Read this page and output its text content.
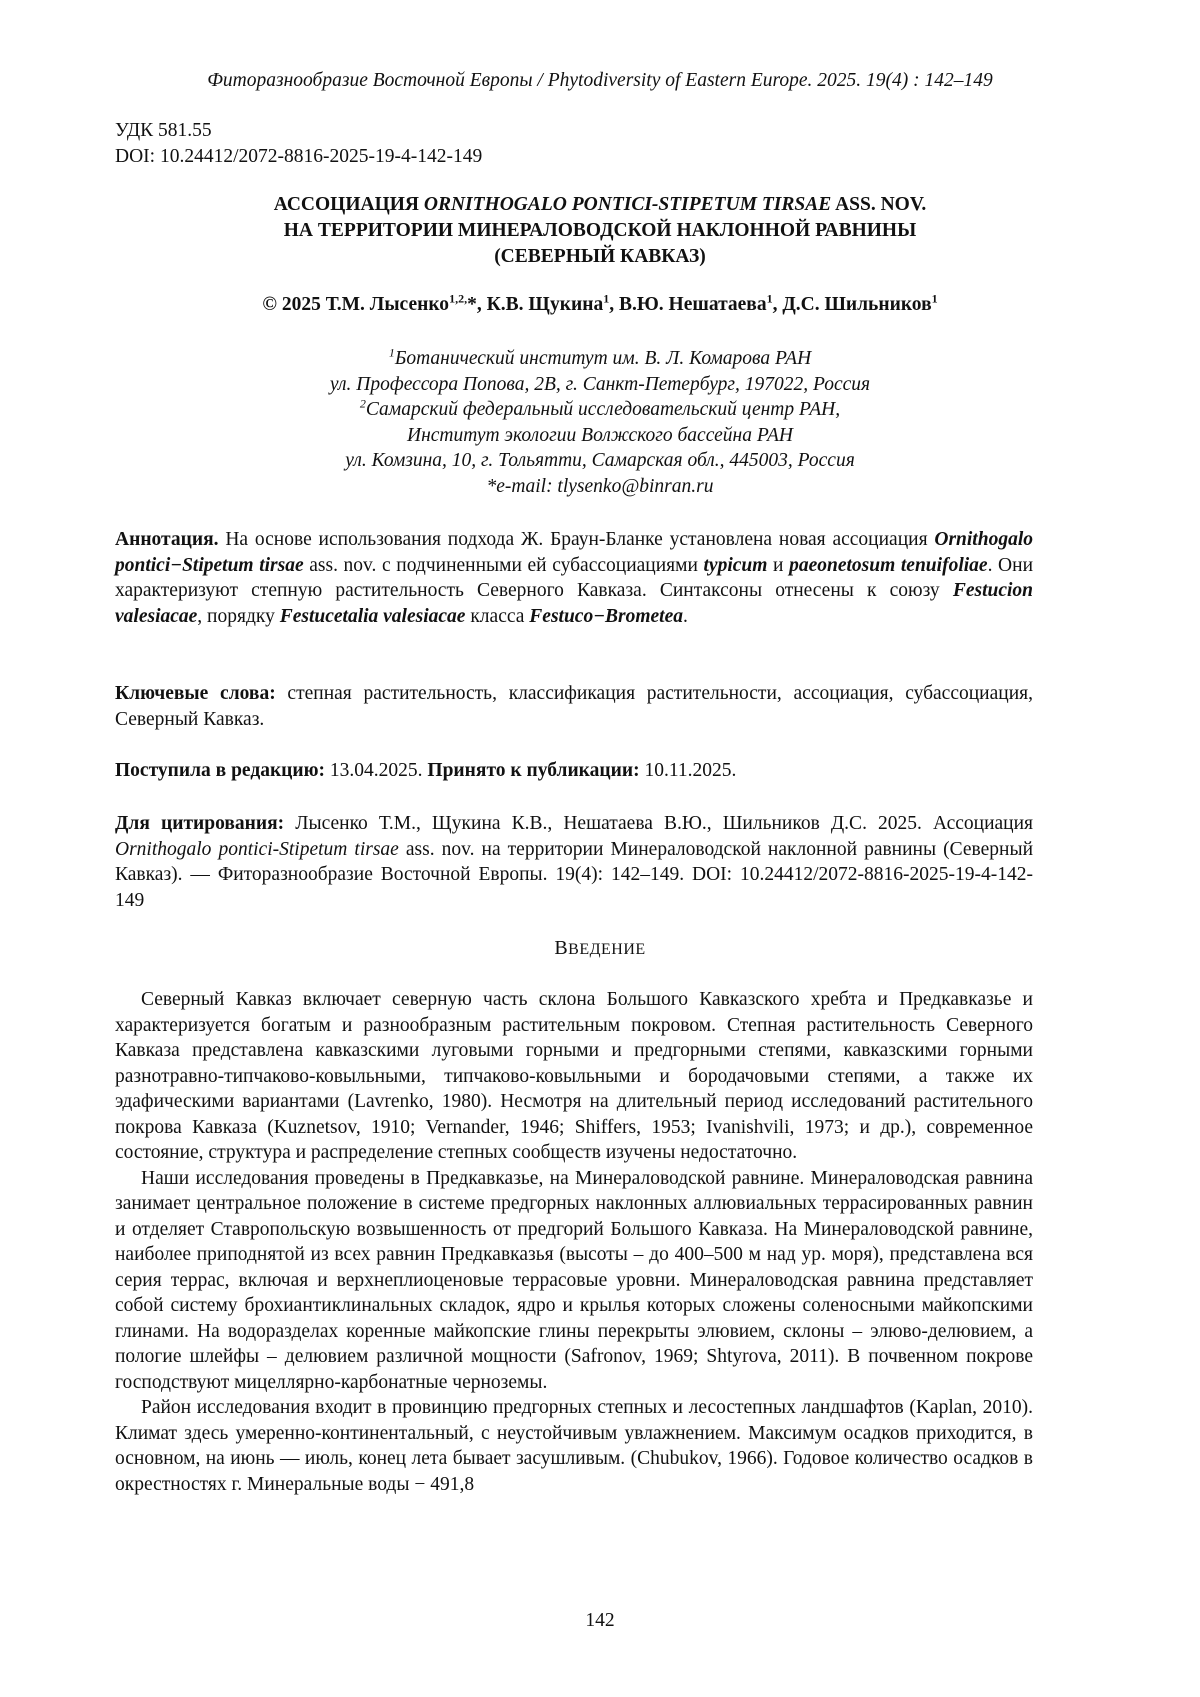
Фиторазнообразие Восточной Европы / Phytodiversity of Eastern Europe. 2025. 19(4) : 142–149
УДК 581.55
DOI: 10.24412/2072-8816-2025-19-4-142-149
АССОЦИАЦИЯ ORNITHOGALO PONTICI-STIPETUM TIRSAE ASS. NOV.
НА ТЕРРИТОРИИ МИНЕРАЛОВОДСКОЙ НАКЛОННОЙ РАВНИНЫ
(СЕВЕРНЫЙ КАВКАЗ)
© 2025 Т.М. Лысенко1,2,*, К.В. Щукина1, В.Ю. Нешатаева1, Д.С. Шильников1
1Ботанический институт им. В. Л. Комарова РАН
ул. Профессора Попова, 2В, г. Санкт-Петербург, 197022, Россия
2Самарский федеральный исследовательский центр РАН,
Институт экологии Волжского бассейна РАН
ул. Комзина, 10, г. Тольятти, Самарская обл., 445003, Россия
*e-mail: tlysenko@binran.ru
Аннотация. На основе использования подхода Ж. Браун-Бланке установлена новая ассоциация Ornithogalo pontici−Stipetum tirsae ass. nov. с подчиненными ей субассоциациями typicum и paeonetosum tenuifoliae. Они характеризуют степную растительность Северного Кавказа. Синтаксоны отнесены к союзу Festucion valesiacae, порядку Festucetalia valesiacae класса Festuco−Brometea.
Ключевые слова: степная растительность, классификация растительности, ассоциация, субассоциация, Северный Кавказ.
Поступила в редакцию: 13.04.2025. Принято к публикации: 10.11.2025.
Для цитирования: Лысенко Т.М., Щукина К.В., Нешатаева В.Ю., Шильников Д.С. 2025. Ассоциация Ornithogalo pontici-Stipetum tirsae ass. nov. на территории Минераловодской наклонной равнины (Северный Кавказ). — Фиторазнообразие Восточной Европы. 19(4): 142–149. DOI: 10.24412/2072-8816-2025-19-4-142-149
ВВЕДЕНИЕ

Северный Кавказ включает северную часть склона Большого Кавказского хребта и Предкавказье и характеризуется богатым и разнообразным растительным покровом. Степная растительность Северного Кавказа представлена кавказскими луговыми горными и предгорными степями, кавказскими горными разнотравно-типчаково-ковыльными, типчаково-ковыльными и бородачовыми степями, а также их эдафическими вариантами (Lavrenko, 1980). Несмотря на длительный период исследований растительного покрова Кавказа (Kuznetsov, 1910; Vernander, 1946; Shiffers, 1953; Ivanishvili, 1973; и др.), современное состояние, структура и распределение степных сообществ изучены недостаточно.

Наши исследования проведены в Предкавказье, на Минераловодской равнине. Минераловодская равнина занимает центральное положение в системе предгорных наклонных аллювиальных террасированных равнин и отделяет Ставропольскую возвышенность от предгорий Большого Кавказа. На Минераловодской равнине, наиболее приподнятой из всех равнин Предкавказья (высоты – до 400–500 м над ур. моря), представлена вся серия террас, включая и верхнеплиоценовые террасовые уровни. Минераловодская равнина представляет собой систему брохиантиклинальных складок, ядро и крылья которых сложены соленосными майкопскими глинами. На водоразделах коренные майкопские глины перекрыты элювием, склоны – элюво-делювием, а пологие шлейфы – делювием различной мощности (Safronov, 1969; Shtyrova, 2011). В почвенном покрове господствуют мицеллярно-карбонатные черноземы.

Район исследования входит в провинцию предгорных степных и лесостепных ландшафтов (Kaplan, 2010). Климат здесь умеренно-континентальный, с неустойчивым увлажнением. Максимум осадков приходится, в основном, на июнь — июль, конец лета бывает засушливым. (Chubukov, 1966). Годовое количество осадков в окрестностях г. Минеральные воды − 491,8

142
